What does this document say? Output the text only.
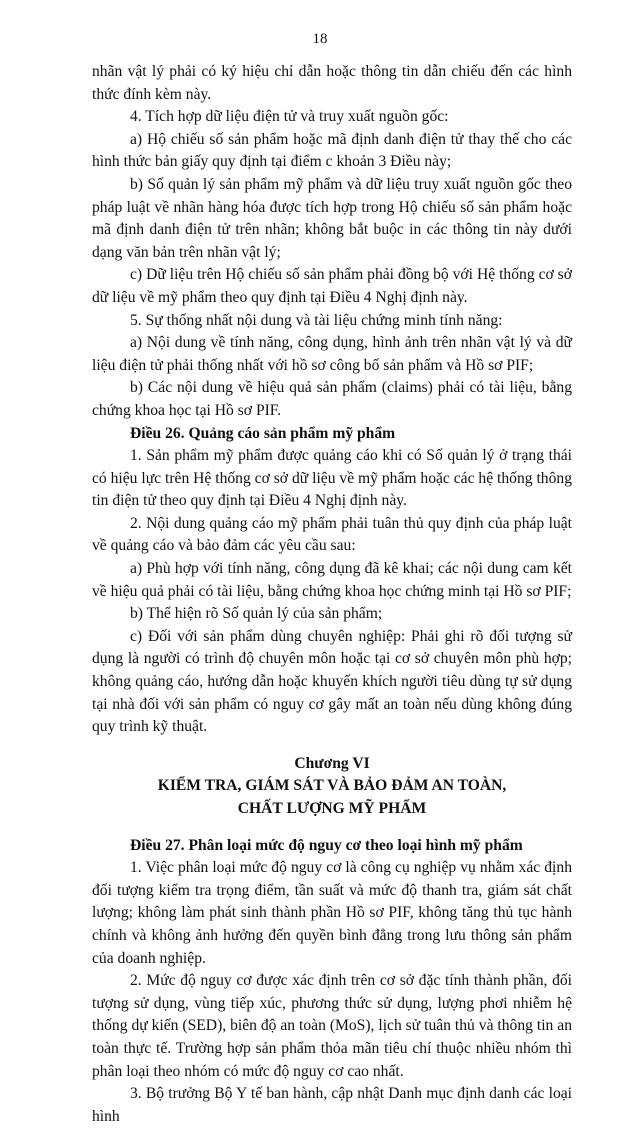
18

nhãn vật lý phải có ký hiệu chỉ dẫn hoặc thông tin dẫn chiếu đến các hình thức đính kèm này.

4. Tích hợp dữ liệu điện tử và truy xuất nguồn gốc:

a) Hộ chiếu số sản phẩm hoặc mã định danh điện tử thay thế cho các hình thức bản giấy quy định tại điểm c khoản 3 Điều này;

b) Số quản lý sản phẩm mỹ phẩm và dữ liệu truy xuất nguồn gốc theo pháp luật về nhãn hàng hóa được tích hợp trong Hộ chiếu số sản phẩm hoặc mã định danh điện tử trên nhãn; không bắt buộc in các thông tin này dưới dạng văn bản trên nhãn vật lý;

c) Dữ liệu trên Hộ chiếu số sản phẩm phải đồng bộ với Hệ thống cơ sở dữ liệu về mỹ phẩm theo quy định tại Điều 4 Nghị định này.

5. Sự thống nhất nội dung và tài liệu chứng minh tính năng:

a) Nội dung về tính năng, công dụng, hình ảnh trên nhãn vật lý và dữ liệu điện tử phải thống nhất với hồ sơ công bố sản phẩm và Hồ sơ PIF;

b) Các nội dung về hiệu quả sản phẩm (claims) phải có tài liệu, bằng chứng khoa học tại Hồ sơ PIF.

Điều 26. Quảng cáo sản phẩm mỹ phẩm

1. Sản phẩm mỹ phẩm được quảng cáo khi có Số quản lý ở trạng thái có hiệu lực trên Hệ thống cơ sở dữ liệu về mỹ phẩm hoặc các hệ thống thông tin điện tử theo quy định tại Điều 4 Nghị định này.

2. Nội dung quảng cáo mỹ phẩm phải tuân thủ quy định của pháp luật về quảng cáo và bảo đảm các yêu cầu sau:

a) Phù hợp với tính năng, công dụng đã kê khai; các nội dung cam kết về hiệu quả phải có tài liệu, bằng chứng khoa học chứng minh tại Hồ sơ PIF;

b) Thể hiện rõ Số quản lý của sản phẩm;

c) Đối với sản phẩm dùng chuyên nghiệp: Phải ghi rõ đối tượng sử dụng là người có trình độ chuyên môn hoặc tại cơ sở chuyên môn phù hợp; không quảng cáo, hướng dẫn hoặc khuyến khích người tiêu dùng tự sử dụng tại nhà đối với sản phẩm có nguy cơ gây mất an toàn nếu dùng không đúng quy trình kỹ thuật.

Chương VI

KIỂM TRA, GIÁM SÁT VÀ BẢO ĐẢM AN TOÀN,

CHẤT LƯỢNG MỸ PHẨM

Điều 27. Phân loại mức độ nguy cơ theo loại hình mỹ phẩm

1. Việc phân loại mức độ nguy cơ là công cụ nghiệp vụ nhằm xác định đối tượng kiểm tra trọng điểm, tần suất và mức độ thanh tra, giám sát chất lượng; không làm phát sinh thành phần Hồ sơ PIF, không tăng thủ tục hành chính và không ảnh hưởng đến quyền bình đẳng trong lưu thông sản phẩm của doanh nghiệp.

2. Mức độ nguy cơ được xác định trên cơ sở đặc tính thành phần, đối tượng sử dụng, vùng tiếp xúc, phương thức sử dụng, lượng phơi nhiễm hệ thống dự kiến (SED), biên độ an toàn (MoS), lịch sử tuân thủ và thông tin an toàn thực tế. Trường hợp sản phẩm thỏa mãn tiêu chí thuộc nhiều nhóm thì phân loại theo nhóm có mức độ nguy cơ cao nhất.

3. Bộ trưởng Bộ Y tế ban hành, cập nhật Danh mục định danh các loại hình
